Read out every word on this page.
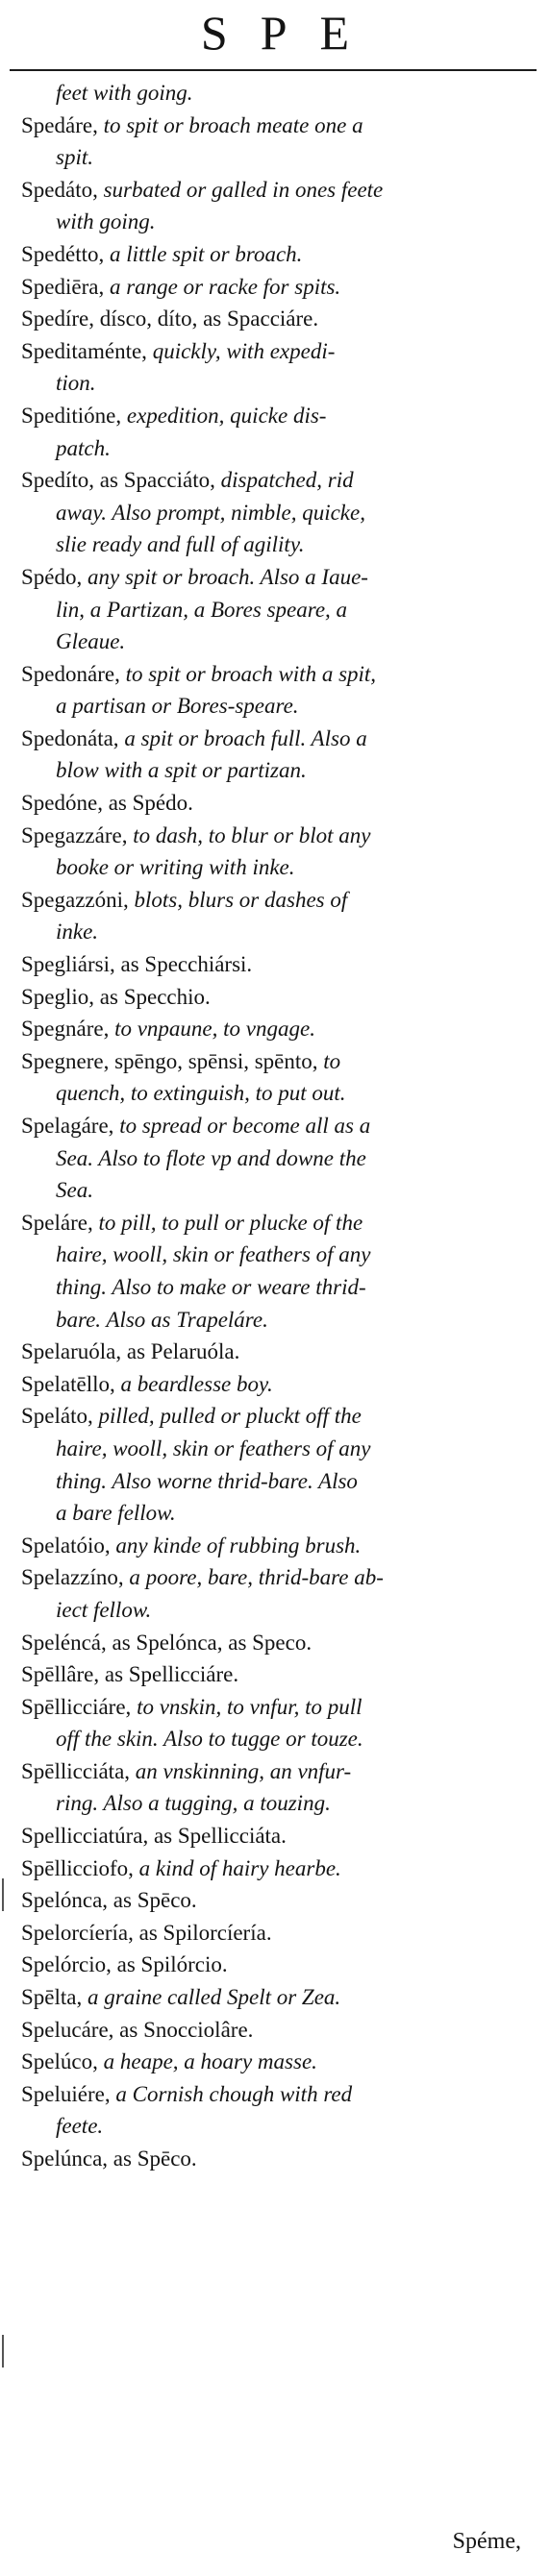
SPE
feet with going.
Spedáre, to spit or broach meate one a
spit.
Spedáto, surbated or galled in ones feete
with going.
Spedétto, a little spit or broach.
Spediēra, a range or racke for spits.
Spedíre, dísco, díto, as Spacciáre.
Speditaménte, quickly, with expedi-
tion.
Speditióne, expedition, quicke dis-
patch.
Spedíto, as Spacciáto, dispatched, rid
away. Also prompt, nimble, quicke,
slie ready and full of agility.
Spédo, any spit or broach. Also a Iaue-
lin, a Partizan, a Bores speare, a
Gleaue.
Spedonáre, to spit or broach with a spit,
a partisan or Bores-speare.
Spedonáta, a spit or broach full. Also a
blow with a spit or partizan.
Spedóne, as Spédo.
Spegazzáre, to dash, to blur or blot any
booke or writing with inke.
Spegazzóni, blots, blurs or dashes of
inke.
Spegliársi, as Specchiársi.
Speglio, as Specchio.
Spegnáre, to vnpaune, to vngage.
Spegnere, spēngo, spēnsi, spēnto, to
quench, to extinguish, to put out.
Spelagáre, to spread or become all as a
Sea. Also to flote vp and downe the
Sea.
Speláre, to pill, to pull or plucke of the
haire, wooll, skin or feathers of any
thing. Also to make or weare thrid-
bare. Also as Trapeláre.
Spelaruóla, as Pelaruóla.
Spelatēllo, a beardlesse boy.
Speláto, pilled, pulled or pluckt off the
haire, wooll, skin or feathers of any
thing. Also worne thrid-bare. Also
a bare fellow.
Spelatóio, any kinde of rubbing brush.
Spelazzíno, a poore, bare, thrid-bare ab-
iect fellow.
Speléncá, as Spelónca, as Speco.
Spēllâre, as Spellicciáre.
Spēllicciáre, to vnskin, to vnfur, to pull
off the skin. Also to tugge or touze.
Spēllicciáta, an vnskinning, an vnfur-
ring. Also a tugging, a touzing.
Spellicciatúra, as Spellicciáta.
Spēllicciofo, a kind of hairy hearbe.
Spelónca, as Spēco.
Spelorcíería, as Spilorcíería.
Spelórcio, as Spilórcio.
Spēlta, a graine called Spelt or Zea.
Spelucáre, as Snocciolâre.
Spelúco, a heape, a hoary masse.
Speluiére, a Cornish chough with red
feete.
Spelúnca, as Spēco.
Spéme,
